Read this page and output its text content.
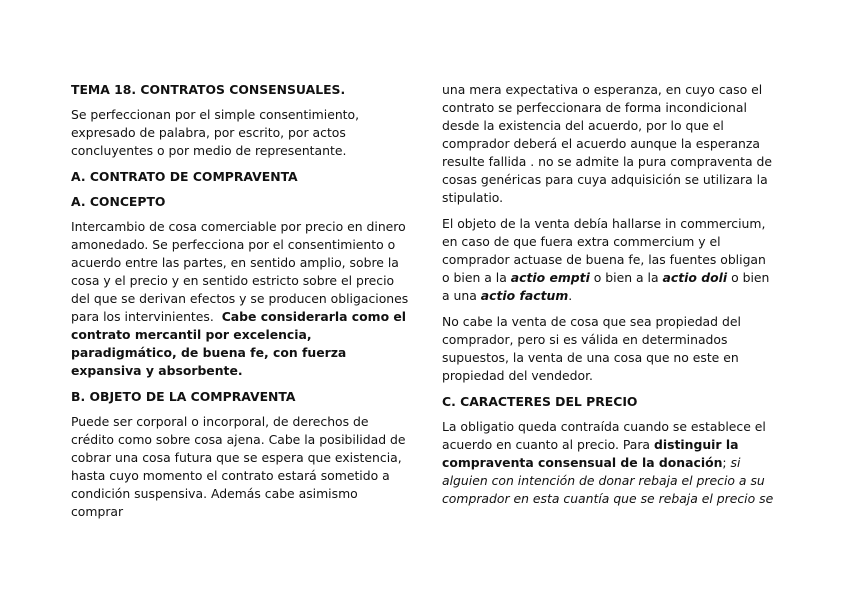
TEMA 18. CONTRATOS CONSENSUALES.

Se perfeccionan por el simple consentimiento, expresado de palabra, por escrito, por actos concluyentes o por medio de representante.

A. CONTRATO DE COMPRAVENTA

A. CONCEPTO

Intercambio de cosa comerciable por precio en dinero amonedado. Se perfecciona por el consentimiento o acuerdo entre las partes, en sentido amplio, sobre la cosa y el precio y en sentido estricto sobre el precio del que se derivan efectos y se producen obligaciones para los intervinientes. Cabe considerarla como el contrato mercantil por excelencia, paradigmático, de buena fe, con fuerza expansiva y absorbente.

B. OBJETO DE LA COMPRAVENTA

Puede ser corporal o incorporal, de derechos de crédito como sobre cosa ajena. Cabe la posibilidad de cobrar una cosa futura que se espera que existencia, hasta cuyo momento el contrato estará sometido a condición suspensiva. Además cabe asimismo comprar

una mera expectativa o esperanza, en cuyo caso el contrato se perfeccionara de forma incondicional desde la existencia del acuerdo, por lo que el comprador deberá el acuerdo aunque la esperanza resulte fallida . no se admite la pura compraventa de cosas genéricas para cuya adquisición se utilizara la stipulatio.

El objeto de la venta debía hallarse in commercium, en caso de que fuera extra commercium y el comprador actuase de buena fe, las fuentes obligan o bien a la actio empti o bien a la actio doli o bien a una actio factum.

No cabe la venta de cosa que sea propiedad del comprador, pero si es válida en determinados supuestos, la venta de una cosa que no este en propiedad del vendedor.

C. CARACTERES DEL PRECIO

La obligatio queda contraída cuando se establece el acuerdo en cuanto al precio. Para distinguir la compraventa consensual de la donación; si alguien con intención de donar rebaja el precio a su comprador en esta cuantía que se rebaja el precio se
